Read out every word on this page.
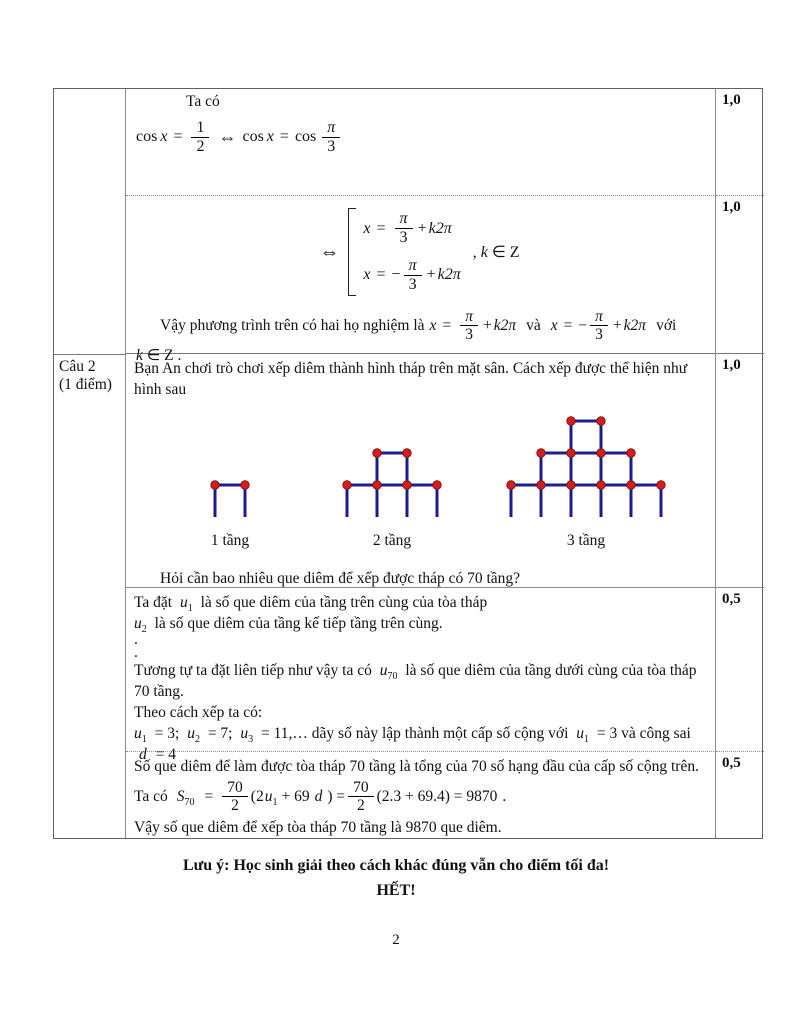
Ta có
$\cos x = \frac{1}{2}$ ⇔ $\cos x = \cos \frac{\pi}{3}$
1,0
⇔
$x = \frac{\pi}{3} + k2\pi$
x = − $\frac{\pi}{3} + k2\pi$
, k ∈ Z
Vậy phương trình trên có hai họ nghiệm là $x = \frac{\pi}{3} + k2\pi$ và x = − $\frac{\pi}{3} + k2\pi$ với
k ∈ Z .
1,0
Câu 2
(1 điểm)
Bạn An chơi trò chơi xếp diêm thành hình tháp trên mặt sân. Cách xếp được thể hiện như hình sau
1 tầng	2 tầng	3 tầng
Hỏi cần bao nhiêu que diêm để xếp được tháp có 70 tầng?
1,0
Ta đặt $u_1$ là số que diêm của tầng trên cùng của tòa tháp
$u_2$ là số que diêm của tầng kế tiếp tầng trên cùng.
.
.
Tương tự ta đặt liên tiếp như vậy ta có $u_{70}$ là số que diêm của tầng dưới cùng của tòa tháp
70 tầng.
Theo cách xếp ta có:
$u_1 = 3$; $u_2 = 7$; $u_3$ = 11,… dãy số này lập thành một cấp số cộng với $u_1 = 3$ và công sai d = 4
0,5
Số que diêm để làm được tòa tháp 70 tầng là tổng của 70 số hạng đầu của cấp số cộng trên.
Ta có $S_{70} = \frac{70}{2} (2$ $u_1 + 69$ d ) = $\frac{70}{2} (2.3 + 69.4) = 9870$ .
Vậy số que diêm để xếp tòa tháp 70 tầng là 9870 que diêm.
0,5
Lưu ý: Học sinh giải theo cách khác đúng vẫn cho điểm tối đa!
HẾT!
2
